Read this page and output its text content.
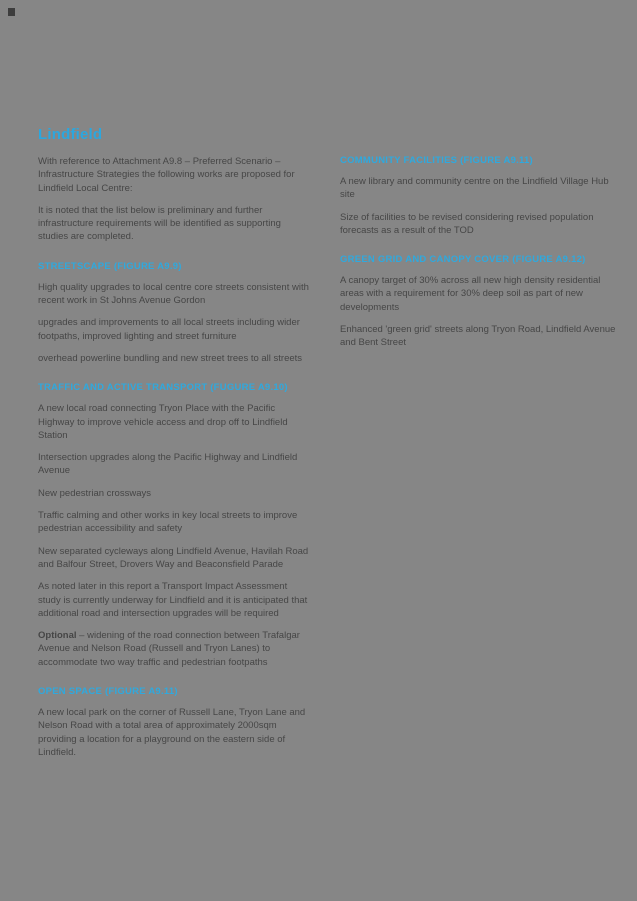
Lindfield

With reference to Attachment A9.8 – Preferred Scenario – Infrastructure Strategies the following works are proposed for Lindfield Local Centre:

It is noted that the list below is preliminary and further infrastructure requirements will be identified as supporting studies are completed.

STREETSCAPE (FIGURE A9.9)

High quality upgrades to local centre core streets consistent with recent work in St Johns Avenue Gordon

upgrades and improvements to all local streets including wider footpaths, improved lighting and street furniture

overhead powerline bundling and new street trees to all streets

TRAFFIC AND ACTIVE TRANSPORT (FUGURE A9.10)

A new local road connecting Tryon Place with the Pacific Highway to improve vehicle access and drop off to Lindfield Station

Intersection upgrades along the Pacific Highway and Lindfield Avenue

New pedestrian crossways

Traffic calming and other works in key local streets to improve pedestrian accessibility and safety

New separated cycleways along Lindfield Avenue, Havilah Road and Balfour Street, Drovers Way and Beaconsfield Parade

As noted later in this report a Transport Impact Assessment study is currently underway for Lindfield and it is anticipated that additional road and intersection upgrades will be required

Optional – widening of the road connection between Trafalgar Avenue and Nelson Road (Russell and Tryon Lanes) to accommodate two way traffic and pedestrian footpaths

OPEN SPACE (FIGURE A9.11)

A new local park on the corner of Russell Lane, Tryon Lane and Nelson Road with a total area of approximately 2000sqm providing a location for a playground on the eastern side of Lindfield.

COMMUNITY FACILITIES (FIGURE A9.11)

A new library and community centre on the Lindfield Village Hub site

Size of facilities to be revised considering revised population forecasts as a result of the TOD

GREEN GRID AND CANOPY COVER (FIGURE A9.12)

A canopy target of 30% across all new high density residential areas with a requirement for 30% deep soil as part of new developments

Enhanced 'green grid' streets along Tryon Road, Lindfield Avenue and Bent Street
